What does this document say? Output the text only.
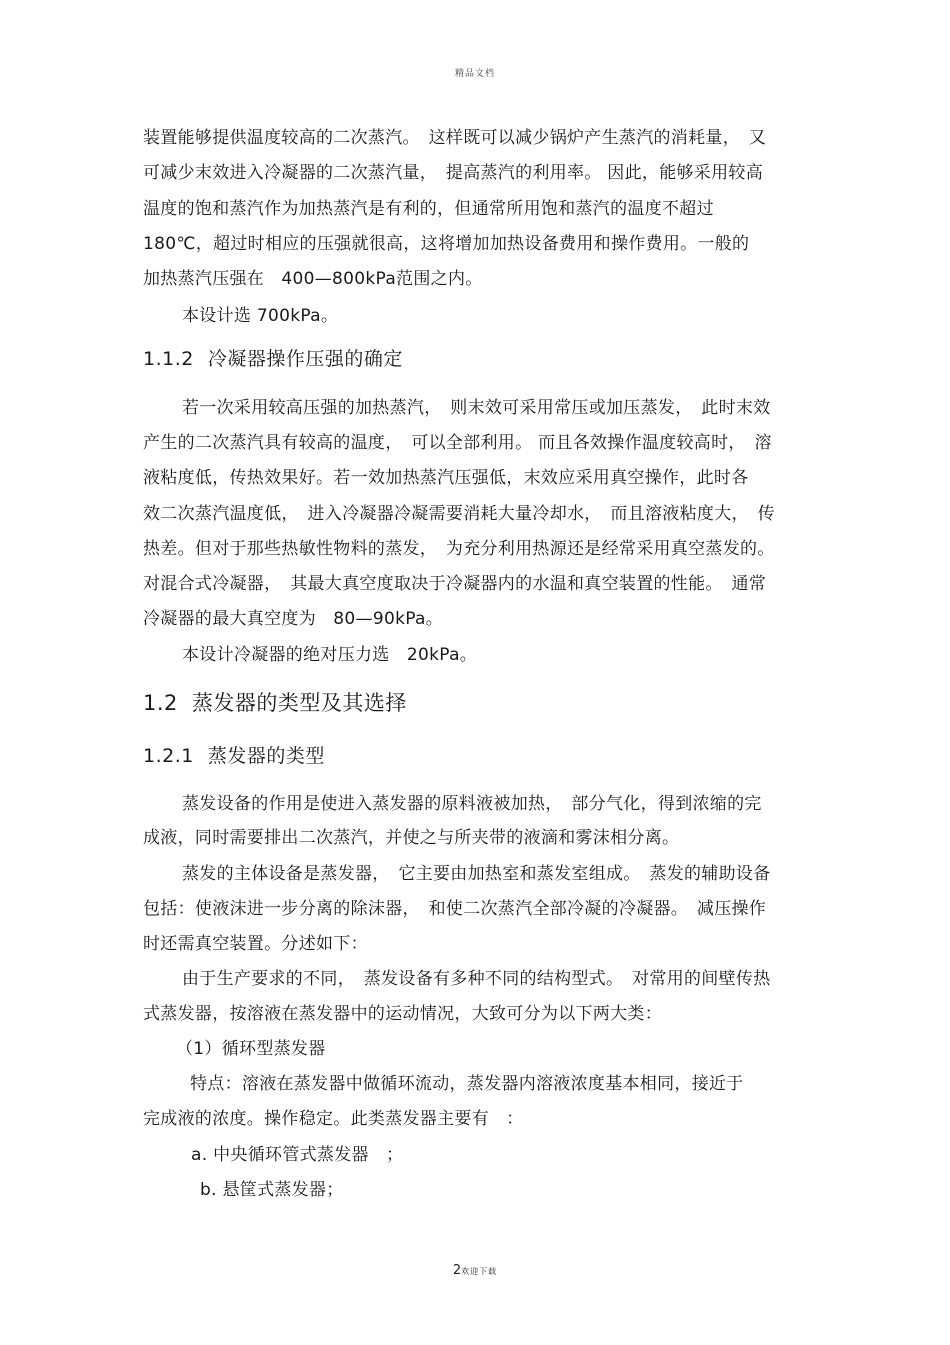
精品文档
装置能够提供温度较高的二次蒸汽。　这样既可以减少锅炉产生蒸汽的消耗量，　又
可减少末效进入冷凝器的二次蒸汽量，　提高蒸汽的利用率。 因此，能够采用较高
温度的饱和蒸汽作为加热蒸汽是有利的，但通常所用饱和蒸汽的温度不超过
180℃，超过时相应的压强就很高，这将增加加热设备费用和操作费用。一般的
加热蒸汽压强在　400—800kPa范围之内。
本设计选 700kPa。
1.1.2 冷凝器操作压强的确定
若一次采用较高压强的加热蒸汽，　则末效可采用常压或加压蒸发，　此时末效
产生的二次蒸汽具有较高的温度，　可以全部利用。 而且各效操作温度较高时，　溶
液粘度低，传热效果好。若一效加热蒸汽压强低，末效应采用真空操作，此时各
效二次蒸汽温度低，　进入冷凝器冷凝需要消耗大量冷却水，　而且溶液粘度大，　传
热差。但对于那些热敏性物料的蒸发，　为充分利用热源还是经常采用真空蒸发的。
对混合式冷凝器，　其最大真空度取决于冷凝器内的水温和真空装置的性能。　通常
冷凝器的最大真空度为　80—90kPa。
本设计冷凝器的绝对压力选　20kPa。
1.2 蒸发器的类型及其选择
1.2.1 蒸发器的类型
蒸发设备的作用是使进入蒸发器的原料液被加热，　部分气化，得到浓缩的完
成液，同时需要排出二次蒸汽，并使之与所夹带的液滴和雾沫相分离。
蒸发的主体设备是蒸发器，　它主要由加热室和蒸发室组成。　蒸发的辅助设备
包括：使液沫进一步分离的除沫器，　和使二次蒸汽全部冷凝的冷凝器。　减压操作
时还需真空装置。分述如下：
由于生产要求的不同，　蒸发设备有多种不同的结构型式。　对常用的间壁传热
式蒸发器，按溶液在蒸发器中的运动情况，大致可分为以下两大类：
（1）循环型蒸发器
特点：溶液在蒸发器中做循环流动，蒸发器内溶液浓度基本相同，接近于
完成液的浓度。操作稳定。此类蒸发器主要有　：
a. 中央循环管式蒸发器　；
b. 悬筐式蒸发器；
2欢迎下载
